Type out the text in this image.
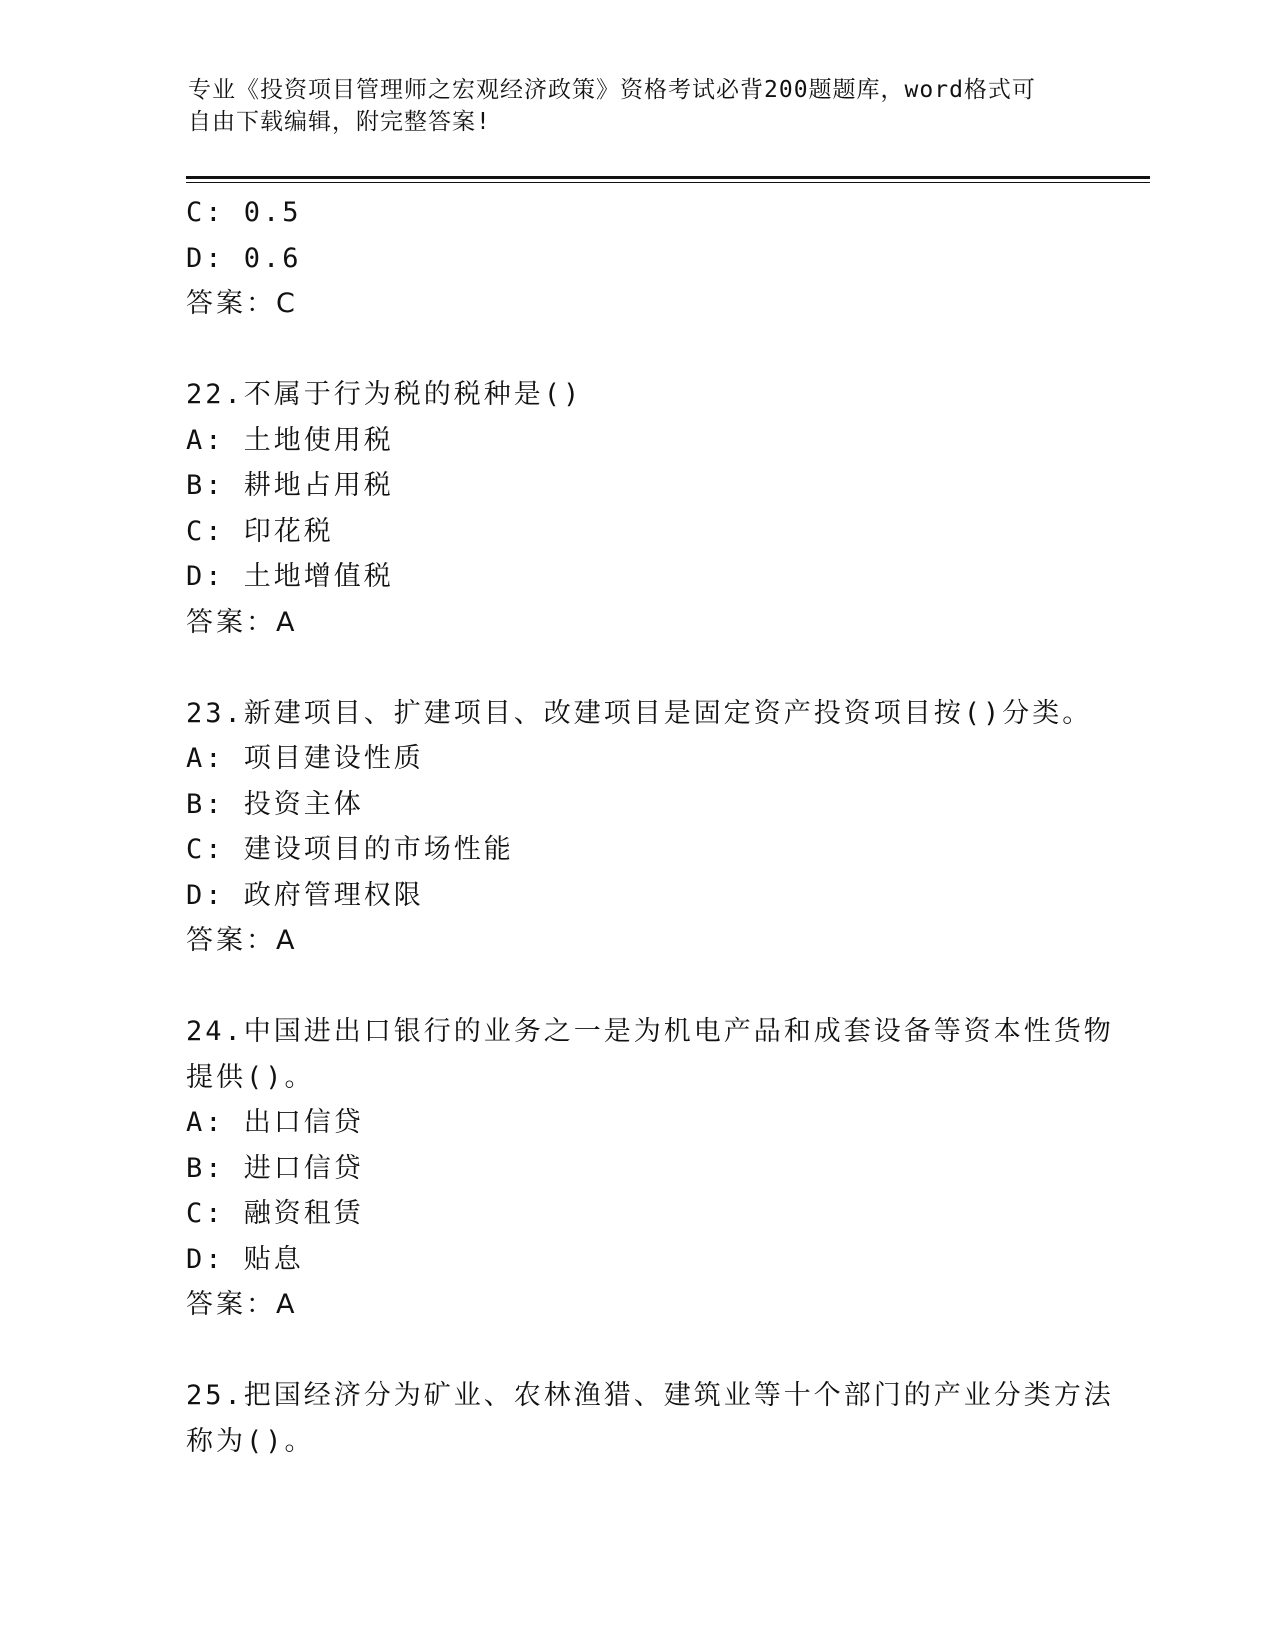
专业《投资项目管理师之宏观经济政策》资格考试必背200题题库，word格式可
自由下载编辑，附完整答案!
C: 0.5
D: 0.6
答案：C
22.不属于行为税的税种是()
A: 土地使用税
B: 耕地占用税
C: 印花税
D: 土地增值税
答案：A
23.新建项目、扩建项目、改建项目是固定资产投资项目按()分类。
A: 项目建设性质
B: 投资主体
C: 建设项目的市场性能
D: 政府管理权限
答案：A
24.中国进出口银行的业务之一是为机电产品和成套设备等资本性货物
提供()。
A: 出口信贷
B: 进口信贷
C: 融资租赁
D: 贴息
答案：A
25.把国经济分为矿业、农林渔猎、建筑业等十个部门的产业分类方法
称为()。
